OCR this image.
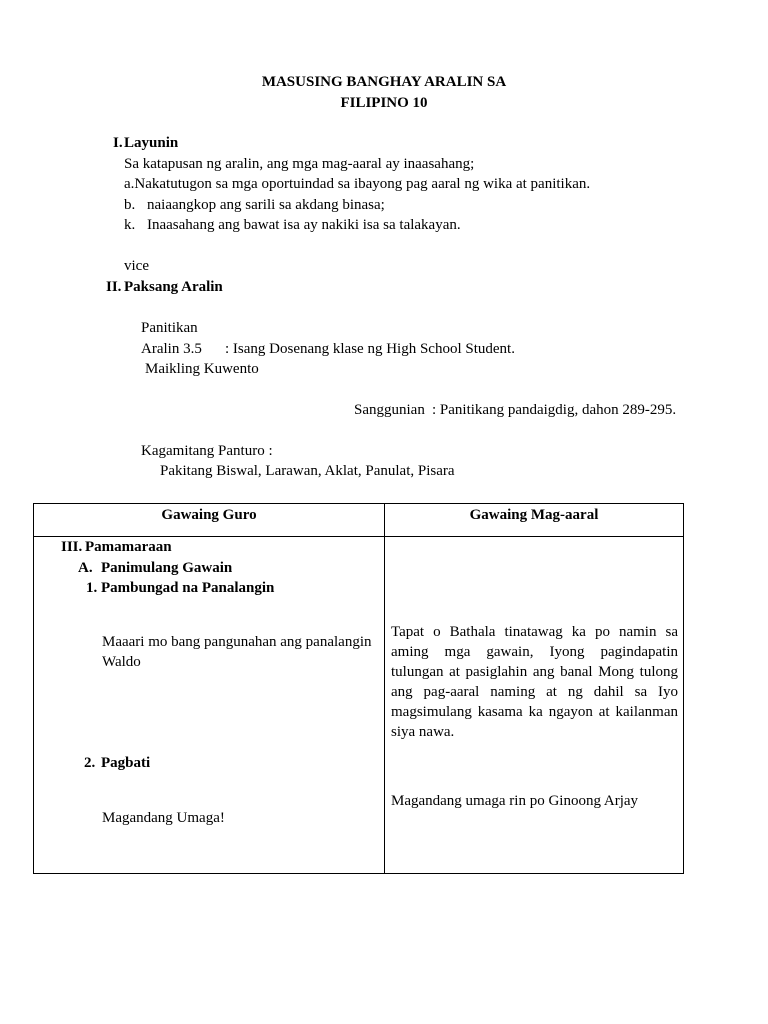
MASUSING BANGHAY ARALIN SA
FILIPINO 10
I. Layunin
Sa katapusan ng aralin, ang mga mag-aaral ay inaasahang;
a.Nakatutugon sa mga oportuindad sa ibayong pag aaral ng wika at panitikan.
b. naiaangkop ang sarili sa akdang binasa;
k. Inaasahang ang bawat isa ay nakiki isa sa talakayan.
vice
II. Paksang Aralin
Panitikan
Aralin 3.5 : Isang Dosenang klase ng High School Student.
Maikling Kuwento
Sanggunian : Panitikang pandaigdig, dahon 289-295.
Kagamitang Panturo :
Pakitang Biswal, Larawan, Aklat, Panulat, Pisara
Gawaing Guro	Gawaing Mag-aaral
III. Pamamaraan
A. Panimulang Gawain
1. Pambungad na Panalangin
Maaari mo bang pangunahan ang panalangin Waldo
2. Pagbati
Magandang Umaga!
Tapat o Bathala tinatawag ka po namin sa aming mga gawain, Iyong pagindapatin tulungan at pasiglahin ang banal Mong tulong ang pag-aaral naming at ng dahil sa Iyo magsimulang kasama ka ngayon at kailanman siya nawa.
Magandang umaga rin po Ginoong Arjay
